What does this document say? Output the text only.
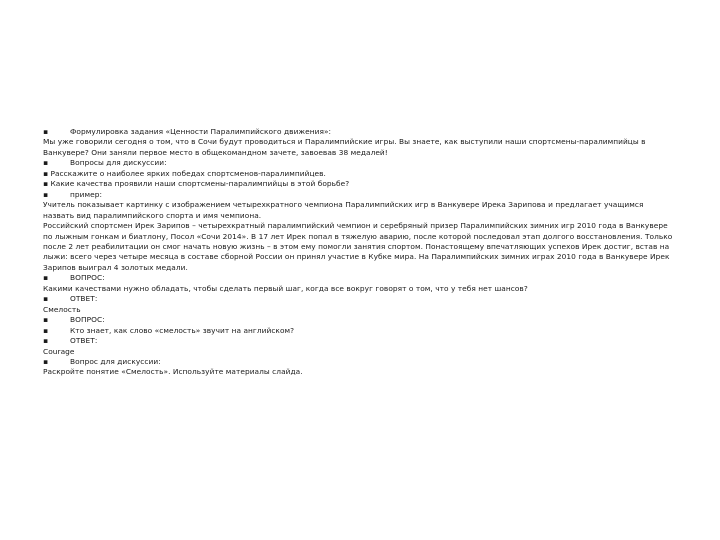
▪	Формулировка задания «Ценности Паралимпийского движения»:
Мы уже говорили сегодня о том, что в Сочи будут проводиться и Паралимпийские игры. Вы знаете, как выступили наши спортсмены-паралимпийцы в Ванкувере? Они заняли первое место в общекомандном зачете, завоевав 38 медалей!
▪	Вопросы для дискуссии:
▪ Расскажите о наиболее ярких победах спортсменов-паралимпийцев.
▪ Какие качества проявили наши спортсмены-паралимпийцы в этой борьбе?
▪	пример:
Учитель показывает картинку с изображением четырехкратного чемпиона Паралимпийских игр в Ванкувере Ирека Зарипова и предлагает учащимся назвать вид паралимпийского спорта и имя чемпиона.
Российский спортсмен Ирек Зарипов – четырехкратный паралимпийский чемпион и серебряный призер Паралимпийских зимних игр 2010 года в Ванкувере по лыжным гонкам и биатлону, Посол «Сочи 2014». В 17 лет Ирек попал в тяжелую аварию, после которой последовал этап долгого восстановления. Только после 2 лет реабилитации он смог начать новую жизнь – в этом ему помогли занятия спортом. Понастоящему впечатляющих успехов Ирек достиг, встав на лыжи: всего через четыре месяца в составе сборной России он принял участие в Кубке мира. На Паралимпийских зимних играх 2010 года в Ванкувере Ирек Зарипов выиграл 4 золотых медали.
▪	ВОПРОС:
Какими качествами нужно обладать, чтобы сделать первый шаг, когда все вокруг говорят о том, что у тебя нет шансов?
▪	ОТВЕТ:
Смелость
▪	ВОПРОС:
▪	Кто знает, как слово «смелость» звучит на английском?
▪	ОТВЕТ:
Courage
▪	Вопрос для дискуссии:
Раскройте понятие «Смелость». Используйте материалы слайда.
